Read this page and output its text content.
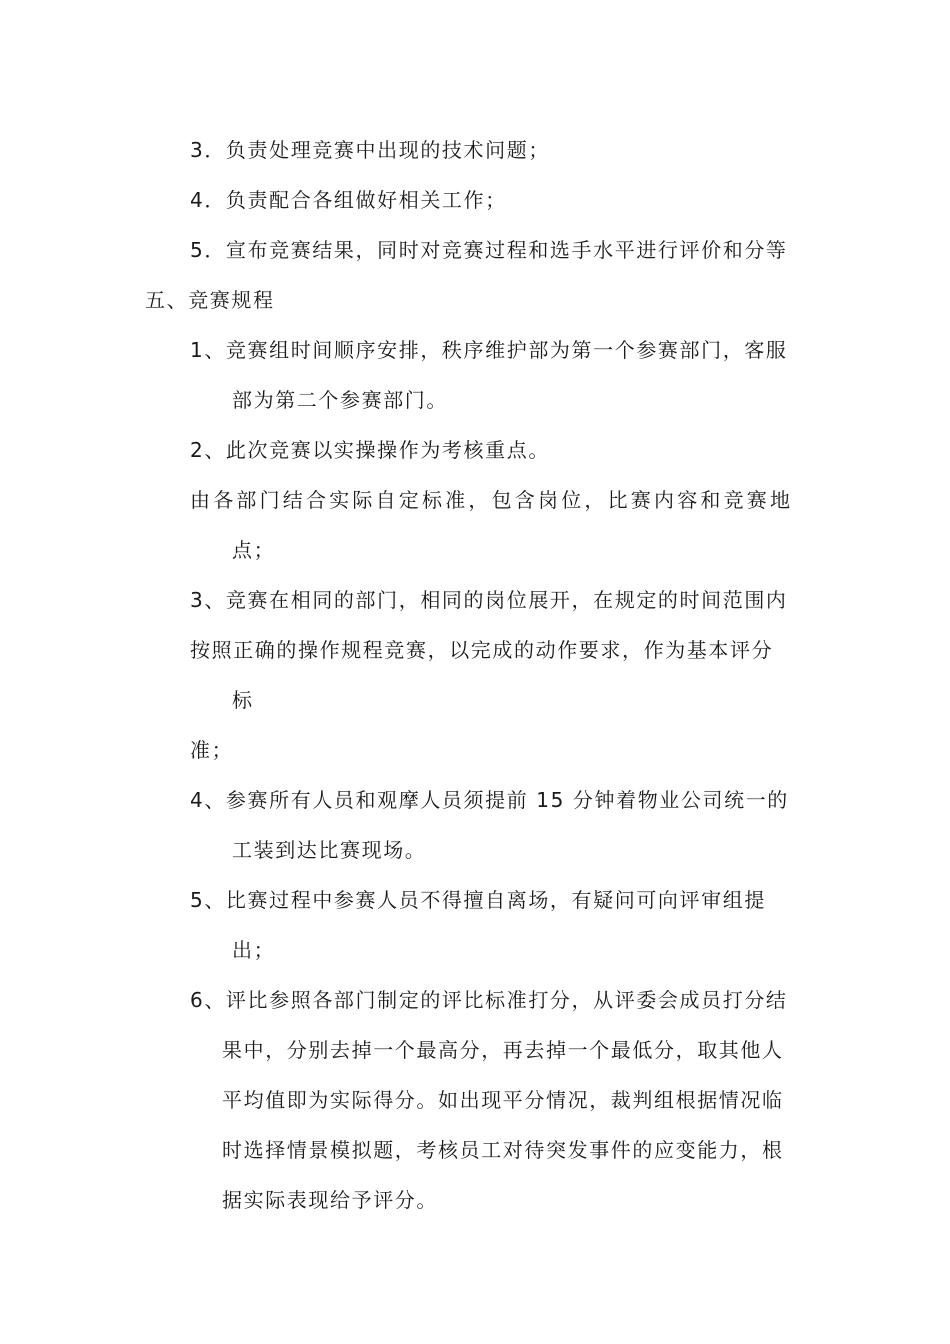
3．负责处理竞赛中出现的技术问题；
4．负责配合各组做好相关工作；
5．宣布竞赛结果，同时对竞赛过程和选手水平进行评价和分等
五、竞赛规程
1、竞赛组时间顺序安排，秩序维护部为第一个参赛部门，客服
部为第二个参赛部门。
2、此次竞赛以实操操作为考核重点。
由各部门结合实际自定标准，包含岗位，比赛内容和竞赛地
点；
3、竞赛在相同的部门，相同的岗位展开，在规定的时间范围内
按照正确的操作规程竞赛，以完成的动作要求，作为基本评分
标
准；
4、参赛所有人员和观摩人员须提前 15 分钟着物业公司统一的
工装到达比赛现场。
5、比赛过程中参赛人员不得擅自离场，有疑问可向评审组提
出；
6、评比参照各部门制定的评比标准打分，从评委会成员打分结
果中，分别去掉一个最高分，再去掉一个最低分，取其他人
平均值即为实际得分。如出现平分情况，裁判组根据情况临
时选择情景模拟题，考核员工对待突发事件的应变能力，根
据实际表现给予评分。
